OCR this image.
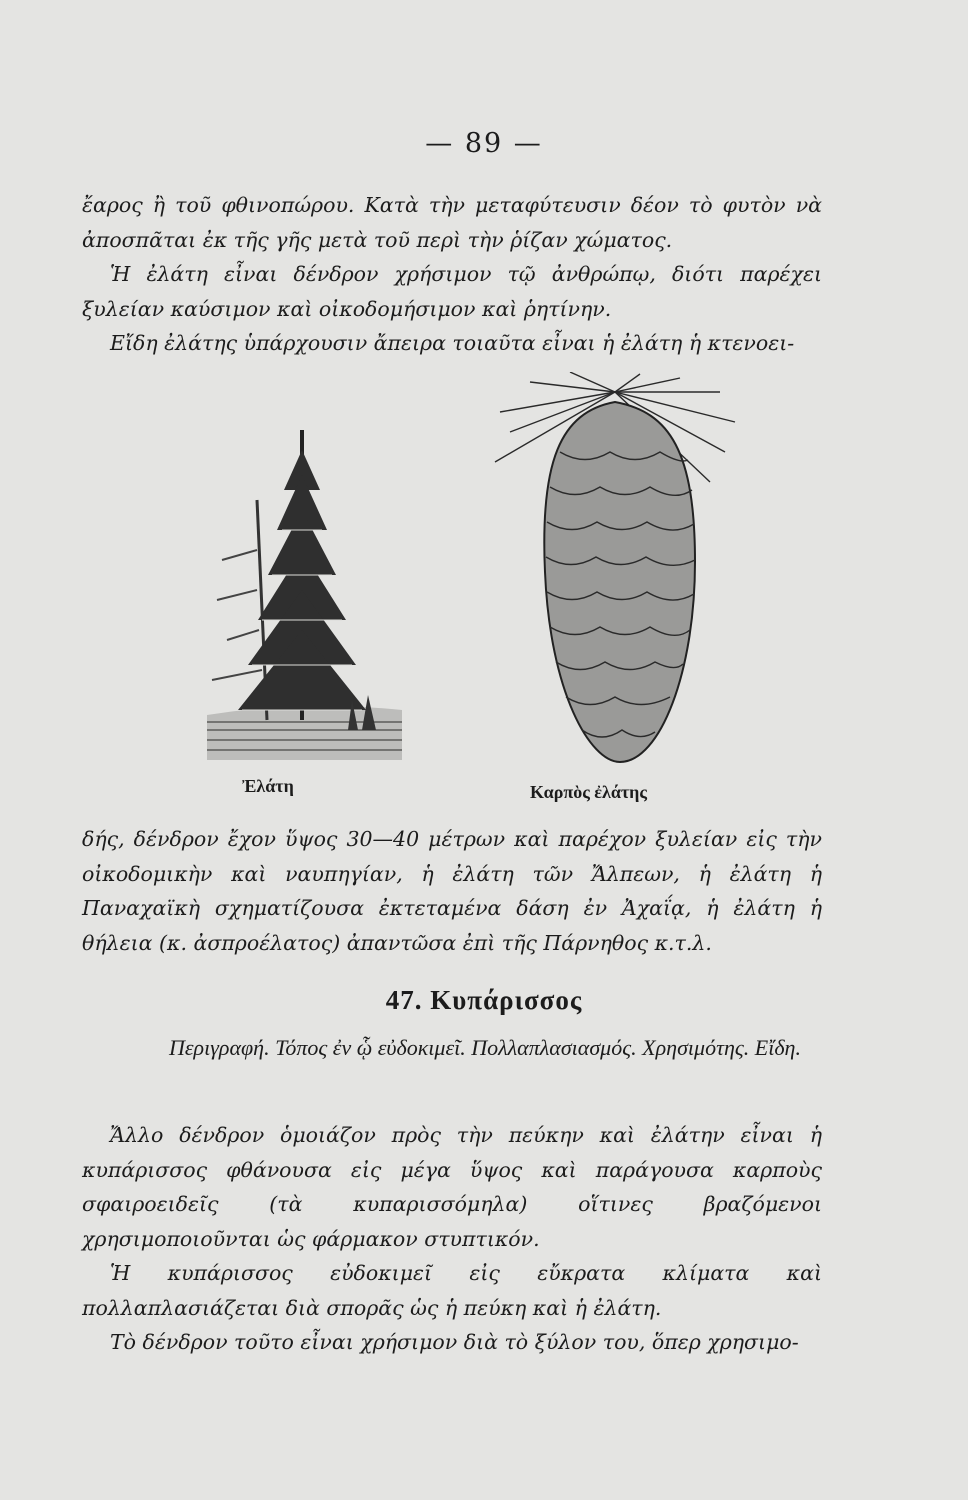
— 89 —

ἔαρος ἢ τοῦ φθινοπώρου. Κατὰ τὴν μεταφύτευσιν δέον τὸ φυτὸν νὰ ἀποσπᾶται ἐκ τῆς γῆς μετὰ τοῦ περὶ τὴν ῥίζαν χώματος.

Ἡ ἐλάτη εἶναι δένδρον χρήσιμον τῷ ἀνθρώπῳ, διότι παρέχει ξυλείαν καύσιμον καὶ οἰκοδομήσιμον καὶ ῥητίνην.

Εἴδη ἐλάτης ὑπάρχουσιν ἄπειρα τοιαῦτα εἶναι ἡ ἐλάτη ἡ κτενοει-

Ἐλάτη	Καρπὸς ἐλάτης

δής, δένδρον ἔχον ὕψος 30—40 μέτρων καὶ παρέχον ξυλείαν εἰς τὴν οἰκοδομικὴν καὶ ναυπηγίαν, ἡ ἐλάτη τῶν Ἄλπεων, ἡ ἐλάτη ἡ Παναχαϊκὴ σχηματίζουσα ἐκτεταμένα δάση ἐν Ἀχαΐᾳ, ἡ ἐλάτη ἡ θήλεια (κ. ἀσπροέλατος) ἀπαντῶσα ἐπὶ τῆς Πάρνηθος κ.τ.λ.

47. Κυπάρισσος
Περιγραφή. Τόπος ἐν ᾧ εὐδοκιμεῖ. Πολλαπλασιασμός. Χρησιμότης. Εἴδη.

Ἄλλο δένδρον ὁμοιάζον πρὸς τὴν πεύκην καὶ ἐλάτην εἶναι ἡ κυπάρισσος φθάνουσα εἰς μέγα ὕψος καὶ παράγουσα καρποὺς σφαιροειδεῖς (τὰ κυπαρισσόμηλα) οἵτινες βραζόμενοι χρησιμοποιοῦνται ὡς φάρμακον στυπτικόν.

Ἡ κυπάρισσος εὐδοκιμεῖ εἰς εὔκρατα κλίματα καὶ πολλαπλασιάζεται διὰ σπορᾶς ὡς ἡ πεύκη καὶ ἡ ἐλάτη.

Τὸ δένδρον τοῦτο εἶναι χρήσιμον διὰ τὸ ξύλον του, ὅπερ χρησιμο-
